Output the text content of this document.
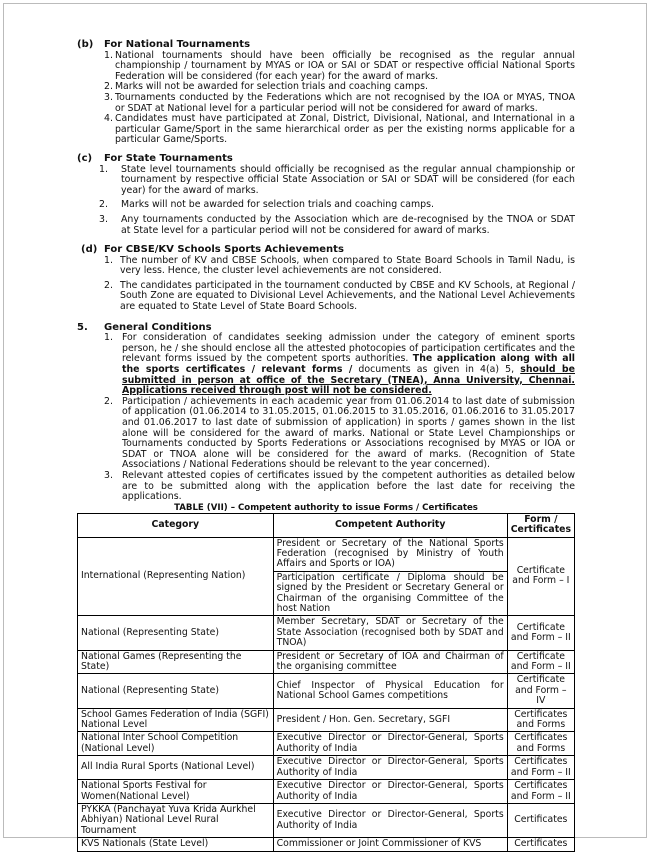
(b)	For National Tournaments
1. National tournaments should have been officially be recognised as the regular annual championship / tournament by MYAS or IOA or SAI or SDAT or respective official National Sports Federation will be considered (for each year) for the award of marks.
2. Marks will not be awarded for selection trials and coaching camps.
3. Tournaments conducted by the Federations which are not recognised by the IOA or MYAS, TNOA or SDAT at National level for a particular period will not be considered for award of marks.
4. Candidates must have participated at Zonal, District, Divisional, National, and International in a particular Game/Sport in the same hierarchical order as per the existing norms applicable for a particular Game/Sports.
(c)	For State Tournaments
1.	State level tournaments should officially be recognised as the regular annual championship or tournament by respective official State Association or SAI or SDAT will be considered (for each year) for the award of marks.
2.	Marks will not be awarded for selection trials and coaching camps.
3.	Any tournaments conducted by the Association which are de-recognised by the TNOA or SDAT at State level for a particular period will not be considered for award of marks.
(d) For CBSE/KV Schools Sports Achievements
1. The number of KV and CBSE Schools, when compared to State Board Schools in Tamil Nadu, is very less. Hence, the cluster level achievements are not considered.
2. The candidates participated in the tournament conducted by CBSE and KV Schools, at Regional / South Zone are equated to Divisional Level Achievements, and the National Level Achievements are equated to State Level of State Board Schools.
5.	General Conditions
1. For consideration of candidates seeking admission under the category of eminent sports person, he / she should enclose all the attested photocopies of participation certificates and the relevant forms issued by the competent sports authorities. The application along with all the sports certificates / relevant forms / documents as given in 4(a) 5, should be submitted in person at office of the Secretary (TNEA), Anna University, Chennai. Applications received through post will not be considered.
2. Participation / achievements in each academic year from 01.06.2014 to last date of submission of application (01.06.2014 to 31.05.2015, 01.06.2015 to 31.05.2016, 01.06.2016 to 31.05.2017 and 01.06.2017 to last date of submission of application) in sports / games shown in the list alone will be considered for the award of marks. National or State Level Championships or Tournaments conducted by Sports Federations or Associations recognised by MYAS or IOA or SDAT or TNOA alone will be considered for the award of marks. (Recognition of State Associations / National Federations should be relevant to the year concerned).
3. Relevant attested copies of certificates issued by the competent authorities as detailed below are to be submitted along with the application before the last date for receiving the applications.
TABLE (VII) – Competent authority to issue Forms / Certificates
Category	Competent Authority	Form / Certificates
International (Representing Nation)	President or Secretary of the National Sports Federation (recognised by Ministry of Youth Affairs and Sports or IOA)	Certificate and Form – I
	Participation certificate / Diploma should be signed by the President or Secretary General or Chairman of the organising Committee of the host Nation	
National (Representing State)	Member Secretary, SDAT or Secretary of the State Association (recognised both by SDAT and TNOA)	Certificate and Form – II
National Games (Representing the State)	President or Secretary of IOA and Chairman of the organising committee	Certificate and Form – II
National (Representing State)	Chief Inspector of Physical Education for National School Games competitions	Certificate and Form – IV
School Games Federation of India (SGFI) National Level	President / Hon. Gen. Secretary, SGFI	Certificates and Forms
National Inter School Competition (National Level)	Executive Director or Director-General, Sports Authority of India	Certificates and Forms
All India Rural Sports (National Level)	Executive Director or Director-General, Sports Authority of India	Certificates and Form – II
National Sports Festival for Women(National Level)	Executive Director or Director-General, Sports Authority of India	Certificates and Form – II
PYKKA (Panchayat Yuva Krida Aurkhel Abhiyan) National Level Rural Tournament	Executive Director or Director-General, Sports Authority of India	Certificates
KVS Nationals (State Level)	Commissioner or Joint Commissioner of KVS	Certificates
